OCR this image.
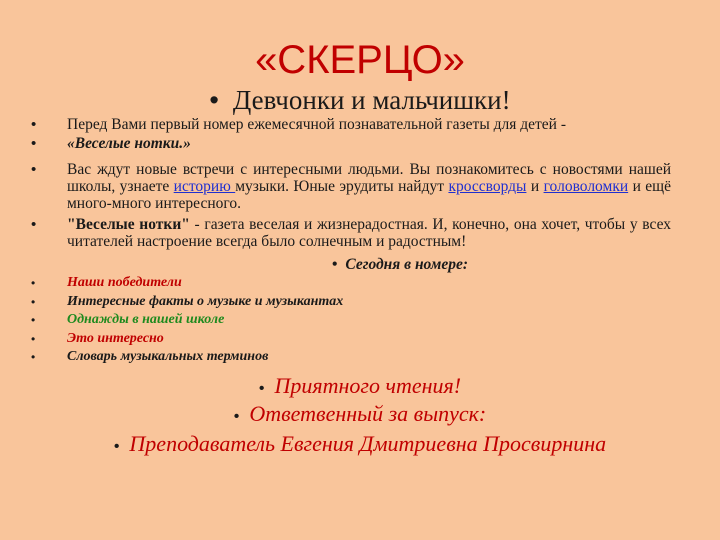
«СКЕРЦО»
• Девчонки и мальчишки!
• Перед Вами первый номер ежемесячной познавательной газеты для детей -
• «Веселые нотки.»
• Вас ждут новые встречи с интересными людьми. Вы познакомитесь с новостями нашей школы, узнаете историю музыки. Юные эрудиты найдут кроссворды и головоломки и ещё много-много интересного.
• "Веселые нотки" - газета веселая и жизнерадостная. И, конечно, она хочет, чтобы у всех читателей настроение всегда было солнечным и радостным!
• Сегодня в номере:
• Наши победители
• Интересные факты о музыке и музыкантах
• Однажды в нашей школе
• Это интересно
• Словарь музыкальных терминов
• Приятного чтения!
• Ответвенный за выпуск:
• Преподаватель Евгения Дмитриевна Просвирнина
